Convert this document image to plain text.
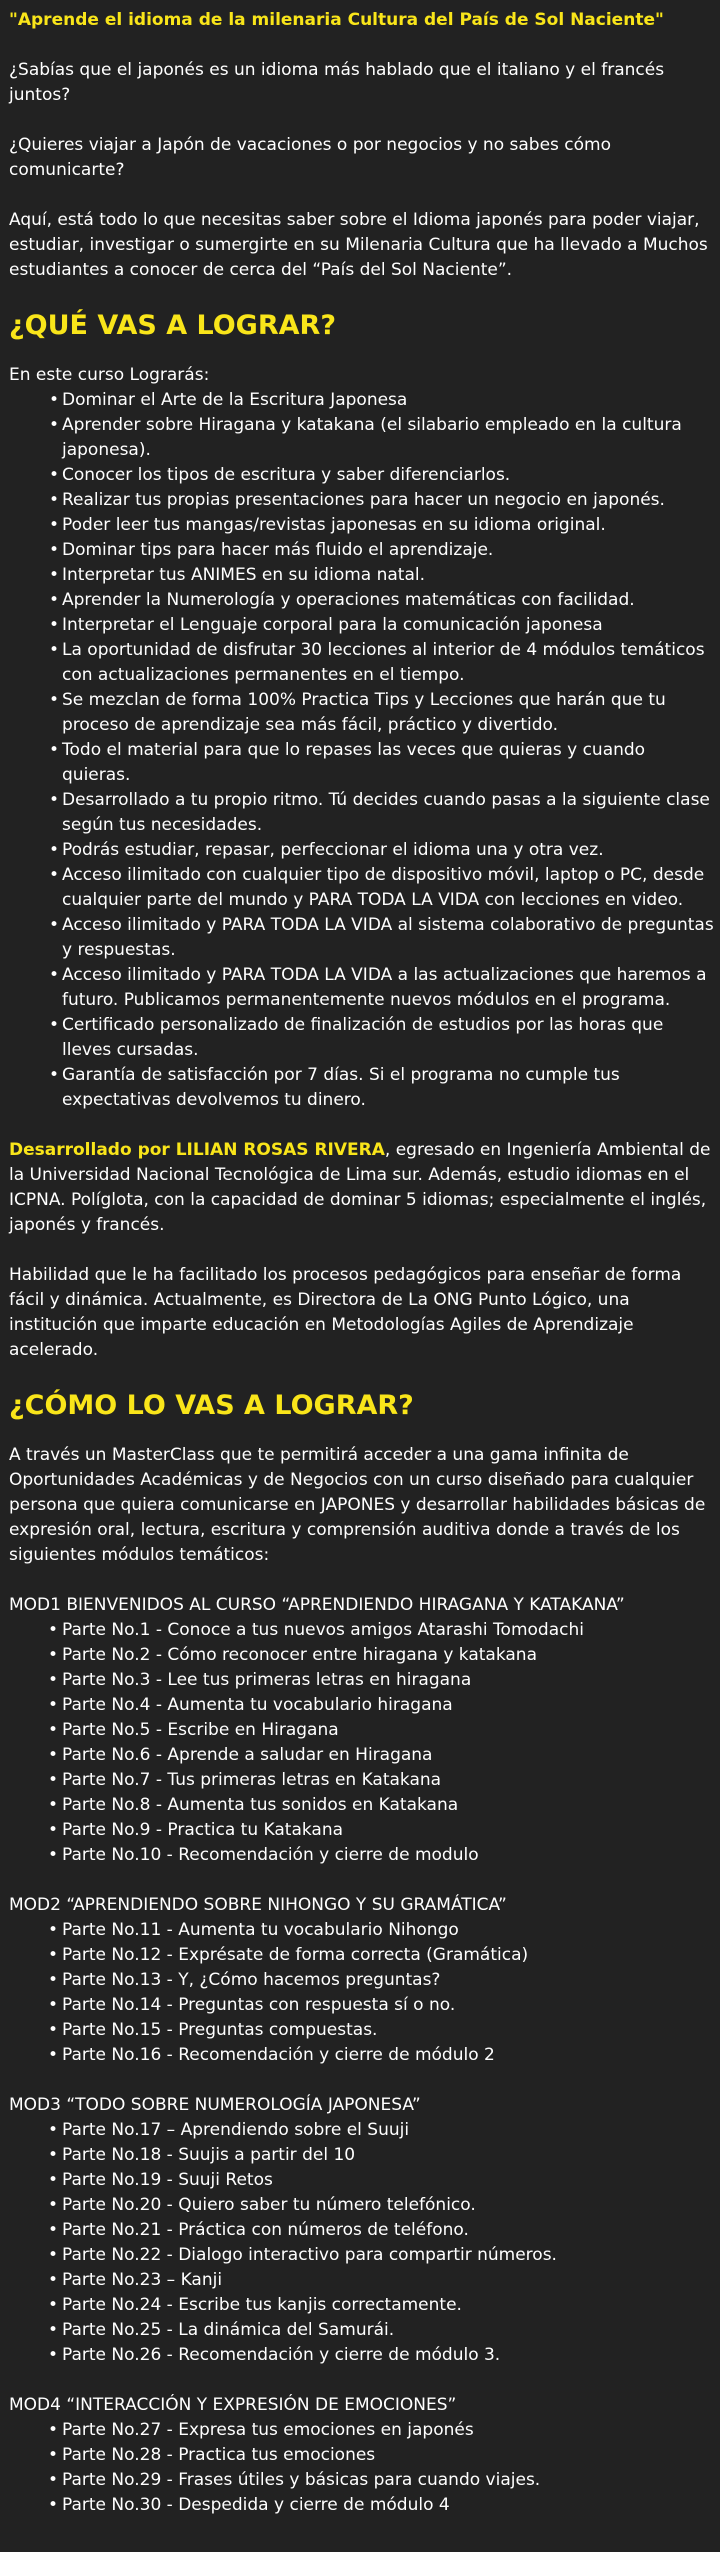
"Aprende el idioma de la milenaria Cultura del País de Sol Naciente"

¿Sabías que el japonés es un idioma más hablado que el italiano y el francés juntos?

¿Quieres viajar a Japón de vacaciones o por negocios y no sabes cómo comunicarte?

Aquí, está todo lo que necesitas saber sobre el Idioma japonés para poder viajar, estudiar, investigar o sumergirte en su Milenaria Cultura que ha llevado a Muchos estudiantes a conocer de cerca del “País del Sol Naciente”.

¿QUÉ VAS A LOGRAR?

En este curso Lograrás:

• Dominar el Arte de la Escritura Japonesa
• Aprender sobre Hiragana y katakana (el silabario empleado en la cultura japonesa).
• Conocer los tipos de escritura y saber diferenciarlos.
• Realizar tus propias presentaciones para hacer un negocio en japonés.
• Poder leer tus mangas/revistas japonesas en su idioma original.
• Dominar tips para hacer más fluido el aprendizaje.
• Interpretar tus ANIMES en su idioma natal.
• Aprender la Numerología y operaciones matemáticas con facilidad.
• Interpretar el Lenguaje corporal para la comunicación japonesa
• La oportunidad de disfrutar 30 lecciones al interior de 4 módulos temáticos con actualizaciones permanentes en el tiempo.
• Se mezclan de forma 100% Practica Tips y Lecciones que harán que tu proceso de aprendizaje sea más fácil, práctico y divertido.
• Todo el material para que lo repases las veces que quieras y cuando quieras.
• Desarrollado a tu propio ritmo. Tú decides cuando pasas a la siguiente clase según tus necesidades.
• Podrás estudiar, repasar, perfeccionar el idioma una y otra vez.
• Acceso ilimitado con cualquier tipo de dispositivo móvil, laptop o PC, desde cualquier parte del mundo y PARA TODA LA VIDA con lecciones en video.
• Acceso ilimitado y PARA TODA LA VIDA al sistema colaborativo de preguntas y respuestas.
• Acceso ilimitado y PARA TODA LA VIDA a las actualizaciones que haremos a futuro. Publicamos permanentemente nuevos módulos en el programa.
• Certificado personalizado de finalización de estudios por las horas que lleves cursadas.
• Garantía de satisfacción por 7 días. Si el programa no cumple tus expectativas devolvemos tu dinero.

Desarrollado por LILIAN ROSAS RIVERA, egresado en Ingeniería Ambiental de la Universidad Nacional Tecnológica de Lima sur. Además, estudio idiomas en el ICPNA. Políglota, con la capacidad de dominar 5 idiomas; especialmente el inglés, japonés y francés.

Habilidad que le ha facilitado los procesos pedagógicos para enseñar de forma fácil y dinámica. Actualmente, es Directora de La ONG Punto Lógico, una institución que imparte educación en Metodologías Agiles de Aprendizaje acelerado.

¿CÓMO LO VAS A LOGRAR?

A través un MasterClass que te permitirá acceder a una gama infinita de Oportunidades Académicas y de Negocios con un curso diseñado para cualquier persona que quiera comunicarse en JAPONES y desarrollar habilidades básicas de expresión oral, lectura, escritura y comprensión auditiva donde a través de los siguientes módulos temáticos:

MOD1 BIENVENIDOS AL CURSO “APRENDIENDO HIRAGANA Y KATAKANA”

• Parte No.1 - Conoce a tus nuevos amigos Atarashi Tomodachi
• Parte No.2 - Cómo reconocer entre hiragana y katakana
• Parte No.3 - Lee tus primeras letras en hiragana
• Parte No.4 - Aumenta tu vocabulario hiragana
• Parte No.5 - Escribe en Hiragana
• Parte No.6 - Aprende a saludar en Hiragana
• Parte No.7 - Tus primeras letras en Katakana
• Parte No.8 - Aumenta tus sonidos en Katakana
• Parte No.9 - Practica tu Katakana
• Parte No.10 - Recomendación y cierre de modulo

MOD2 “APRENDIENDO SOBRE NIHONGO Y SU GRAMÁTICA”

• Parte No.11 - Aumenta tu vocabulario Nihongo
• Parte No.12 - Exprésate de forma correcta (Gramática)
• Parte No.13 - Y, ¿Cómo hacemos preguntas?
• Parte No.14 - Preguntas con respuesta sí o no.
• Parte No.15 - Preguntas compuestas.
• Parte No.16 - Recomendación y cierre de módulo 2

MOD3 “TODO SOBRE NUMEROLOGÍA JAPONESA”

• Parte No.17 – Aprendiendo sobre el Suuji
• Parte No.18 - Suujis a partir del 10
• Parte No.19 - Suuji Retos
• Parte No.20 - Quiero saber tu número telefónico.
• Parte No.21 - Práctica con números de teléfono.
• Parte No.22 - Dialogo interactivo para compartir números.
• Parte No.23 – Kanji
• Parte No.24 - Escribe tus kanjis correctamente.
• Parte No.25 - La dinámica del Samurái.
• Parte No.26 - Recomendación y cierre de módulo 3.

MOD4 “INTERACCIÓN Y EXPRESIÓN DE EMOCIONES”

• Parte No.27 - Expresa tus emociones en japonés
• Parte No.28 - Practica tus emociones
• Parte No.29 - Frases útiles y básicas para cuando viajes.
• Parte No.30 - Despedida y cierre de módulo 4
